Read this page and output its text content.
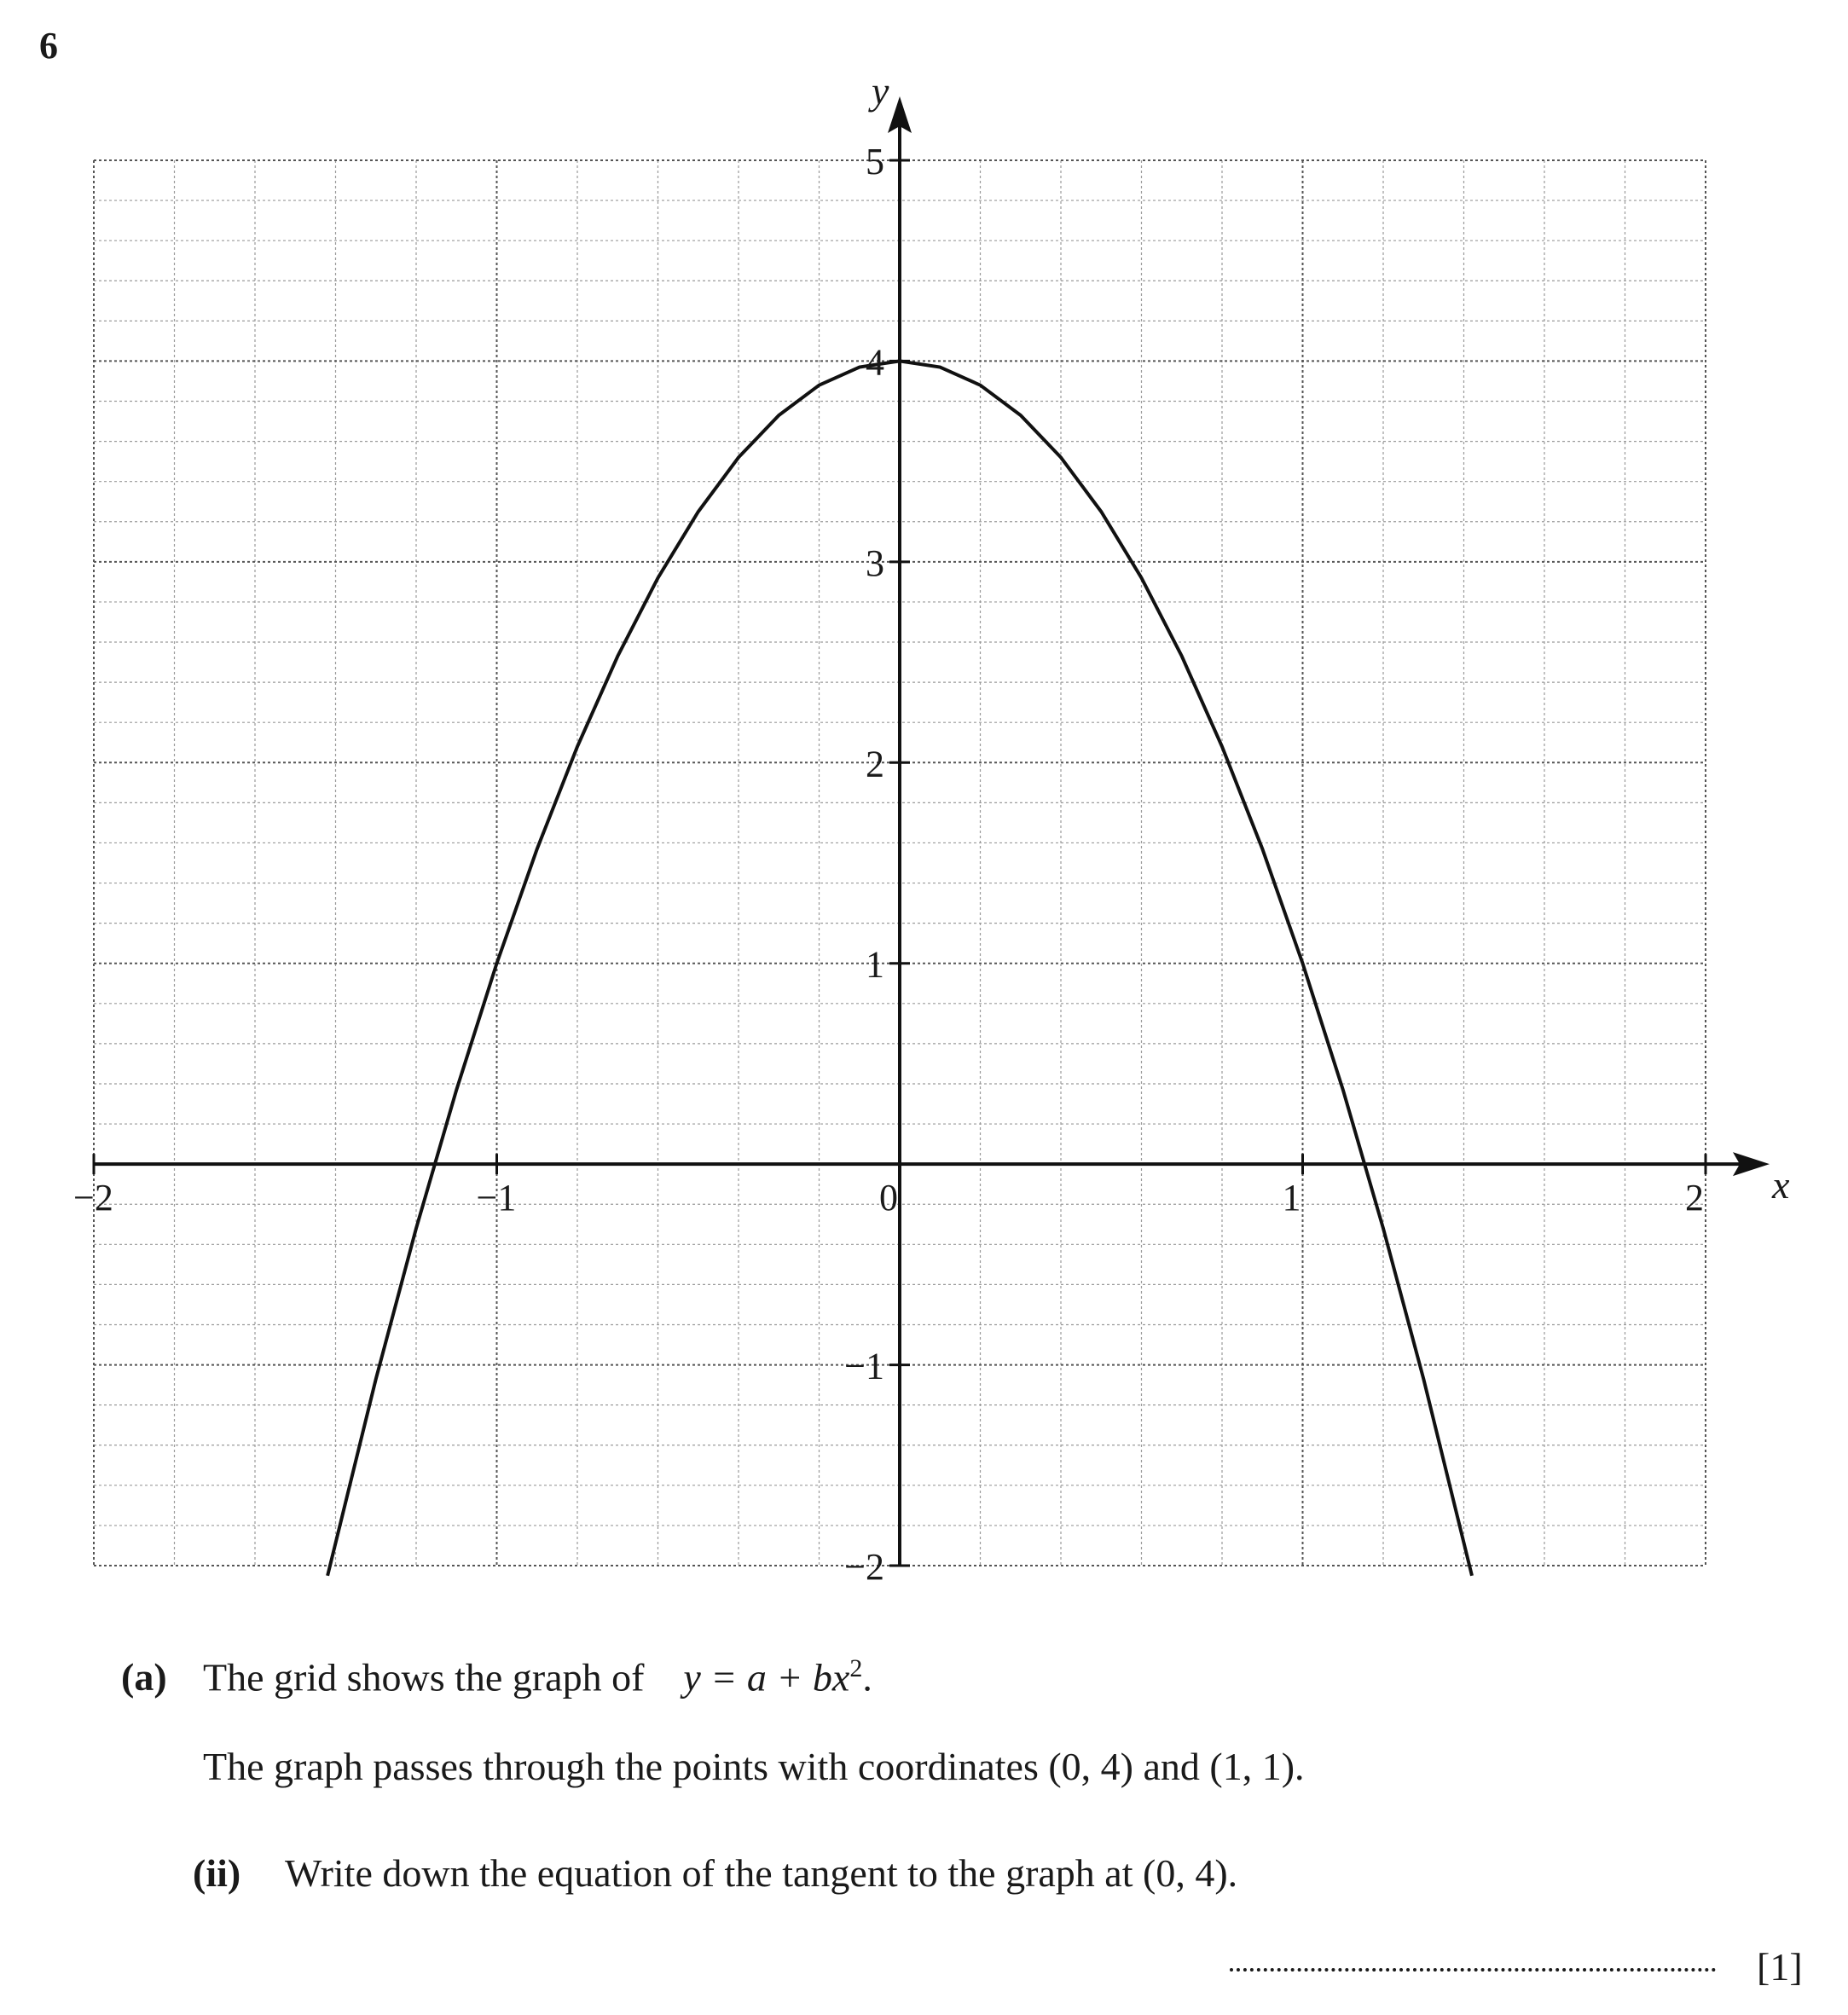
6
−2	−1	0	1	2
−2
−1
1
2
3
4
5
x
y
(a) The grid shows the graph of $y = a + bx^2$.
The graph passes through the points with coordinates (0, 4) and (1, 1).
(ii) Write down the equation of the tangent to the graph at (0, 4).
[1]
